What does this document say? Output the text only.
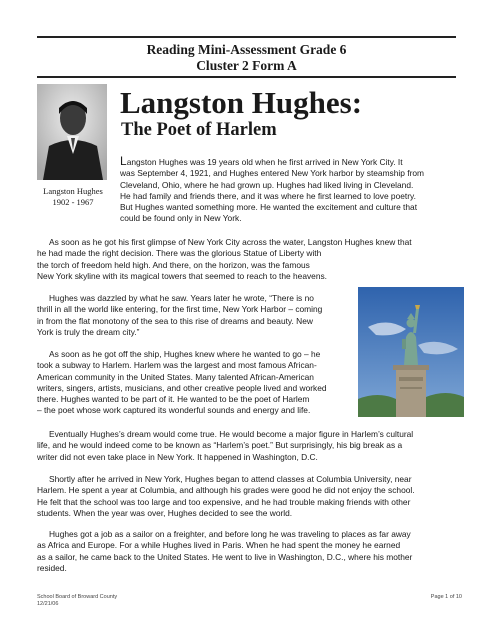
Reading Mini-Assessment Grade 6
Cluster 2 Form A
Langston Hughes
1902 - 1967
Langston Hughes:
The Poet of Harlem
Langston Hughes was 19 years old when he first arrived in New York City. It
was September 4, 1921, and Hughes entered New York harbor by steamship from
Cleveland, Ohio, where he had grown up. Hughes had liked living in Cleveland.
He had family and friends there, and it was where he first learned to love poetry.
But Hughes wanted something more. He wanted the excitement and culture that
could be found only in New York.
As soon as he got his first glimpse of New York City across the water, Langston Hughes knew that
he had made the right decision. There was the glorious Statue of Liberty with
the torch of freedom held high. And there, on the horizon, was the famous
New York skyline with its magical towers that seemed to reach to the heavens.
Hughes was dazzled by what he saw. Years later he wrote, “There is no
thrill in all the world like entering, for the first time, New York Harbor – coming
in from the flat monotony of the sea to this rise of dreams and beauty. New
York is truly the dream city.”
As soon as he got off the ship, Hughes knew where he wanted to go – he
took a subway to Harlem. Harlem was the largest and most famous African-
American community in the United States. Many talented African-American
writers, singers, artists, musicians, and other creative people lived and worked
there. Hughes wanted to be part of it. He wanted to be the poet of Harlem
– the poet whose work captured its wonderful sounds and energy and life.
Eventually Hughes’s dream would come true. He would become a major figure in Harlem’s cultural
life, and he would indeed come to be known as “Harlem’s poet.” But surprisingly, his big break as a
writer did not even take place in New York. It happened in Washington, D.C.
Shortly after he arrived in New York, Hughes began to attend classes at Columbia University, near
Harlem. He spent a year at Columbia, and although his grades were good he did not enjoy the school.
He felt that the school was too large and too expensive, and he had trouble making friends with other
students. When the year was over, Hughes decided to see the world.
Hughes got a job as a sailor on a freighter, and before long he was traveling to places as far away
as Africa and Europe. For a while Hughes lived in Paris. When he had spent the money he earned
as a sailor, he came back to the United States. He went to live in Washington, D.C., where his mother
resided.
School Board of Broward County
12/21/06
Page 1 of 10
